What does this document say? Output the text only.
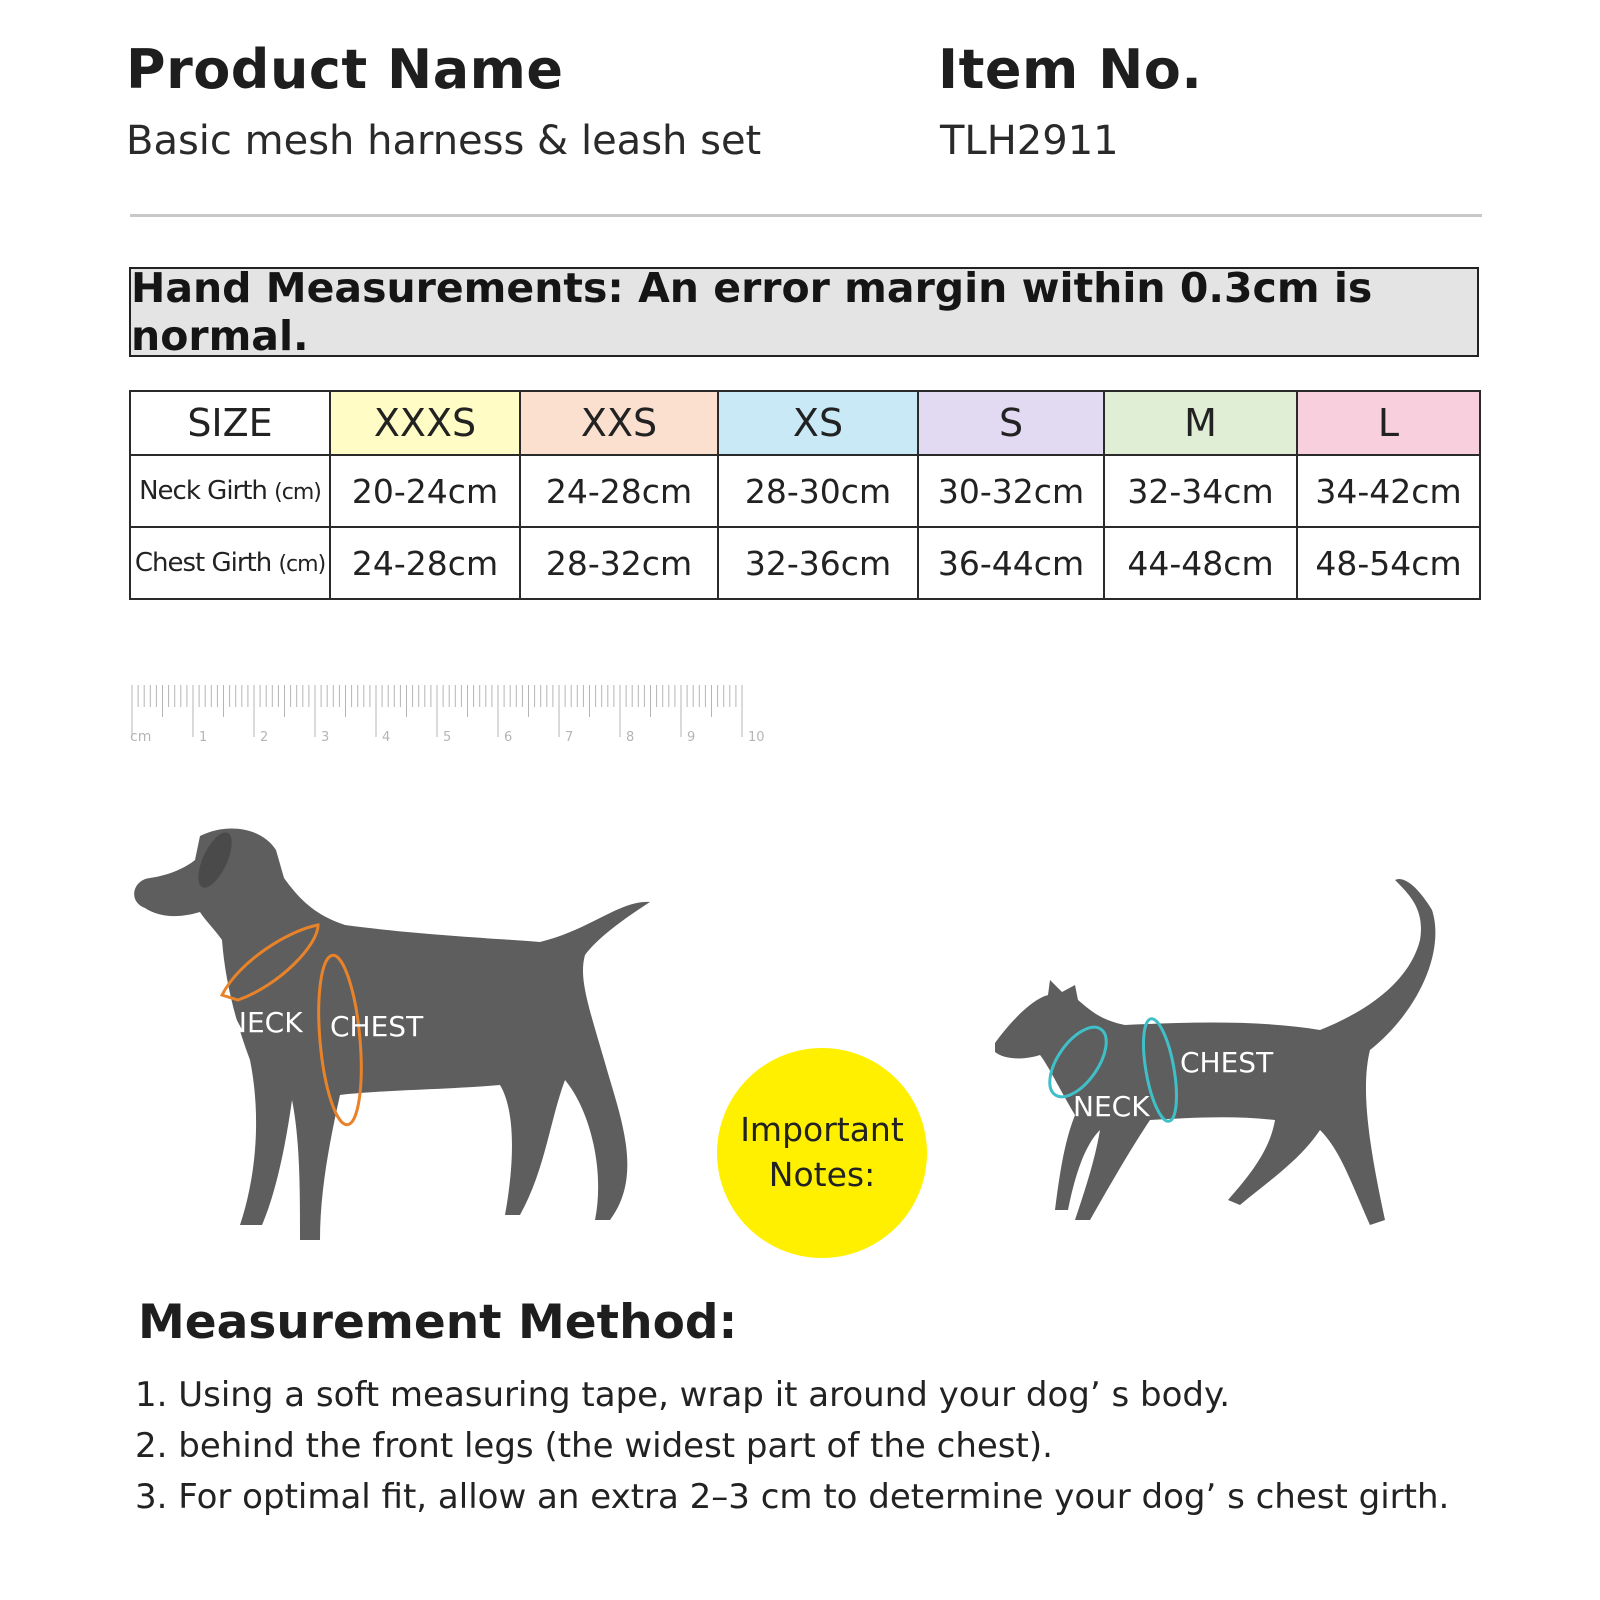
Product Name
Basic mesh harness & leash set
Item No.
TLH2911
Hand Measurements: An error margin within 0.3cm is normal.
SIZE	XXXS	XXS	XS	S	M	L
Neck Girth (cm)	20-24cm	24-28cm	28-30cm	30-32cm	32-34cm	34-42cm
Chest Girth (cm)	24-28cm	28-32cm	32-36cm	36-44cm	44-48cm	48-54cm
cm	1	2	3	4	5	6	7	8	9	10
NECK CHEST
CHEST
NECK
Important
Notes:
Measurement Method:
1. Using a soft measuring tape, wrap it around your dog’ s body.
2. behind the front legs (the widest part of the chest).
3. For optimal fit, allow an extra 2–3 cm to determine your dog’ s chest girth.
